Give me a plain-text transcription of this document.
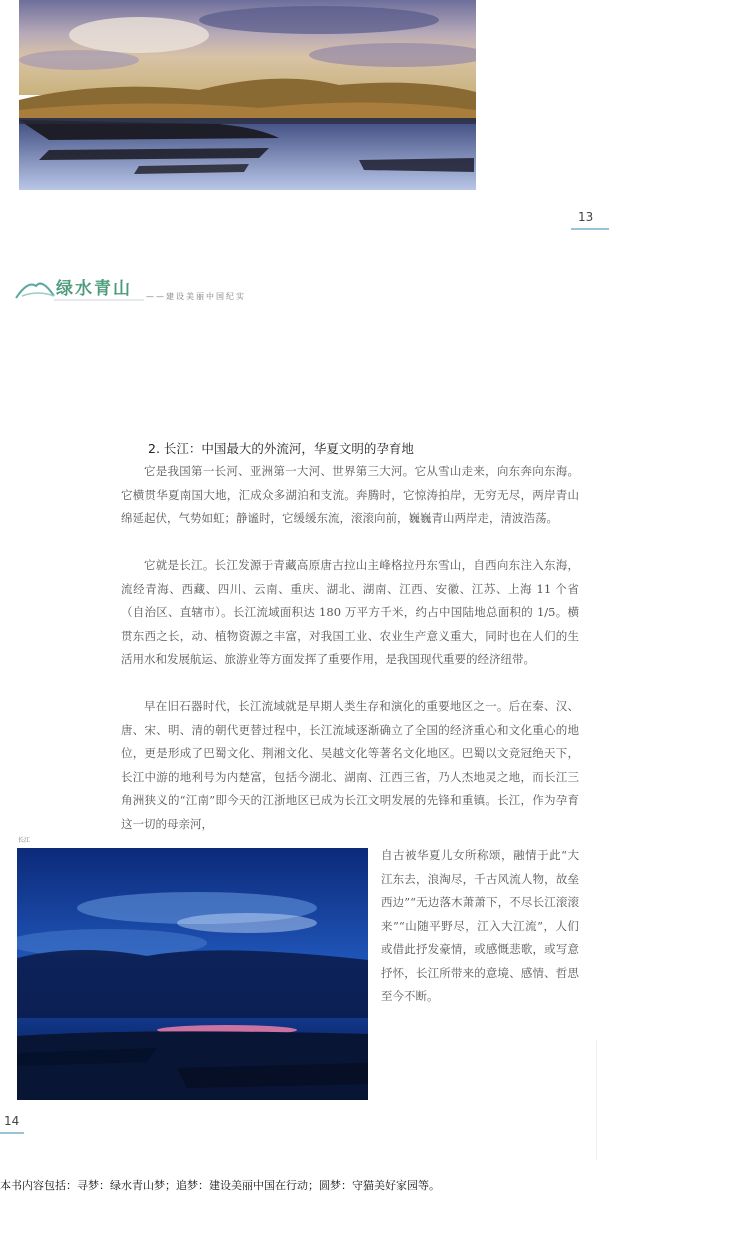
13
绿水青山 ——建设美丽中国纪实
2. 长江：中国最大的外流河，华夏文明的孕育地

它是我国第一长河、亚洲第一大河、世界第三大河。它从雪山走来，向东奔向东海。它横贯华夏南国大地，汇成众多湖泊和支流。奔腾时，它惊涛拍岸，无穷无尽，两岸青山绵延起伏，气势如虹；静谧时，它缓缓东流，滚滚向前，巍巍青山两岸走，清波浩荡。

它就是长江。长江发源于青藏高原唐古拉山主峰格拉丹东雪山，自西向东注入东海，流经青海、西藏、四川、云南、重庆、湖北、湖南、江西、安徽、江苏、上海 11 个省（自治区、直辖市）。长江流域面积达 180 万平方千米，约占中国陆地总面积的 1/5。横贯东西之长，动、植物资源之丰富，对我国工业、农业生产意义重大，同时也在人们的生活用水和发展航运、旅游业等方面发挥了重要作用，是我国现代重要的经济纽带。

早在旧石器时代，长江流域就是早期人类生存和演化的重要地区之一。后在秦、汉、唐、宋、明、清的朝代更替过程中，长江流域逐渐确立了全国的经济重心和文化重心的地位，更是形成了巴蜀文化、荆湘文化、吴越文化等著名文化地区。巴蜀以文竞冠绝天下，长江中游的地利号为内楚富，包括今湖北、湖南、江西三省，乃人杰地灵之地，而长江三角洲狭义的“江南”即今天的江浙地区已成为长江文明发展的先锋和重镇。长江，作为孕育这一切的母亲河，

自古被华夏儿女所称颂，融情于此“大江东去，浪淘尽，千古风流人物，故垒西边”“无边落木萧萧下，不尽长江滚滚来”“山随平野尽，江入大江流”，人们或借此抒发豪情，或感慨悲歌，或写意抒怀，长江所带来的意境、感情、哲思至今不断。

长江
14
本书内容包括：寻梦：绿水青山梦；追梦：建设美丽中国在行动；圆梦：守猫美好家园等。
